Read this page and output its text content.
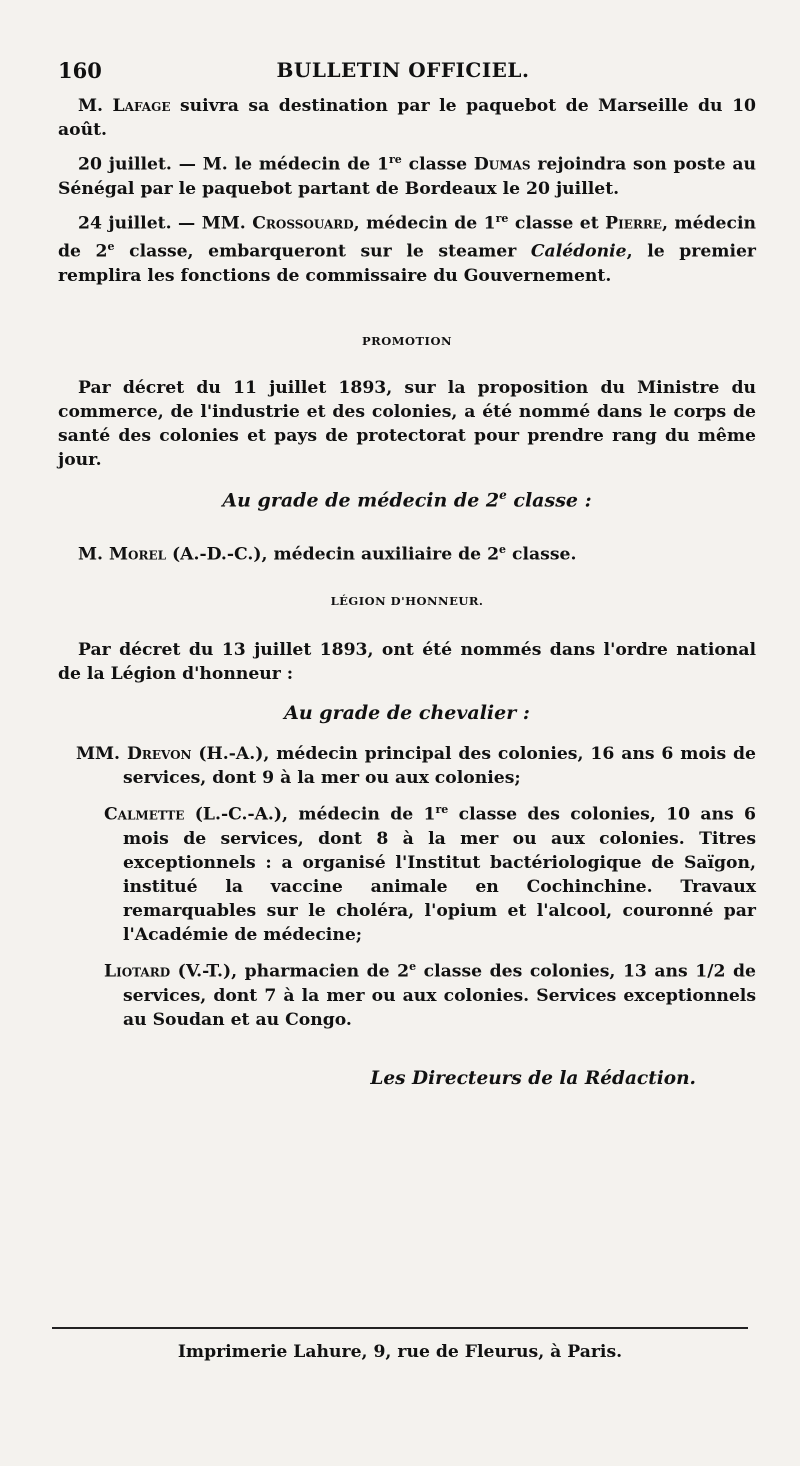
160	BULLETIN OFFICIEL.

M. Lafage suivra sa destination par le paquebot de Marseille du 10 août.

20 juillet. — M. le médecin de 1re classe Dumas rejoindra son poste au Sénégal par le paquebot partant de Bordeaux le 20 juillet.

24 juillet. — MM. Crossouard, médecin de 1re classe et Pierre, médecin de 2e classe, embarqueront sur le steamer Calédonie, le premier remplira les fonctions de commissaire du Gouvernement.

PROMOTION

Par décret du 11 juillet 1893, sur la proposition du Ministre du commerce, de l'industrie et des colonies, a été nommé dans le corps de santé des colonies et pays de protectorat pour prendre rang du même jour.

Au grade de médecin de 2e classe :

M. Morel (A.-D.-C.), médecin auxiliaire de 2e classe.

LÉGION D'HONNEUR.

Par décret du 13 juillet 1893, ont été nommés dans l'ordre national de la Légion d'honneur :

Au grade de chevalier :

MM. Drevon (H.-A.), médecin principal des colonies, 16 ans 6 mois de services, dont 9 à la mer ou aux colonies;

Calmette (L.-C.-A.), médecin de 1re classe des colonies, 10 ans 6 mois de services, dont 8 à la mer ou aux colonies. Titres exceptionnels : a organisé l'Institut bactériologique de Saïgon, institué la vaccine animale en Cochinchine. Travaux remarquables sur le choléra, l'opium et l'alcool, couronné par l'Académie de médecine;

Liotard (V.-T.), pharmacien de 2e classe des colonies, 13 ans 1/2 de services, dont 7 à la mer ou aux colonies. Services exceptionnels au Soudan et au Congo.

Les Directeurs de la Rédaction.
Imprimerie Lahure, 9, rue de Fleurus, à Paris.
